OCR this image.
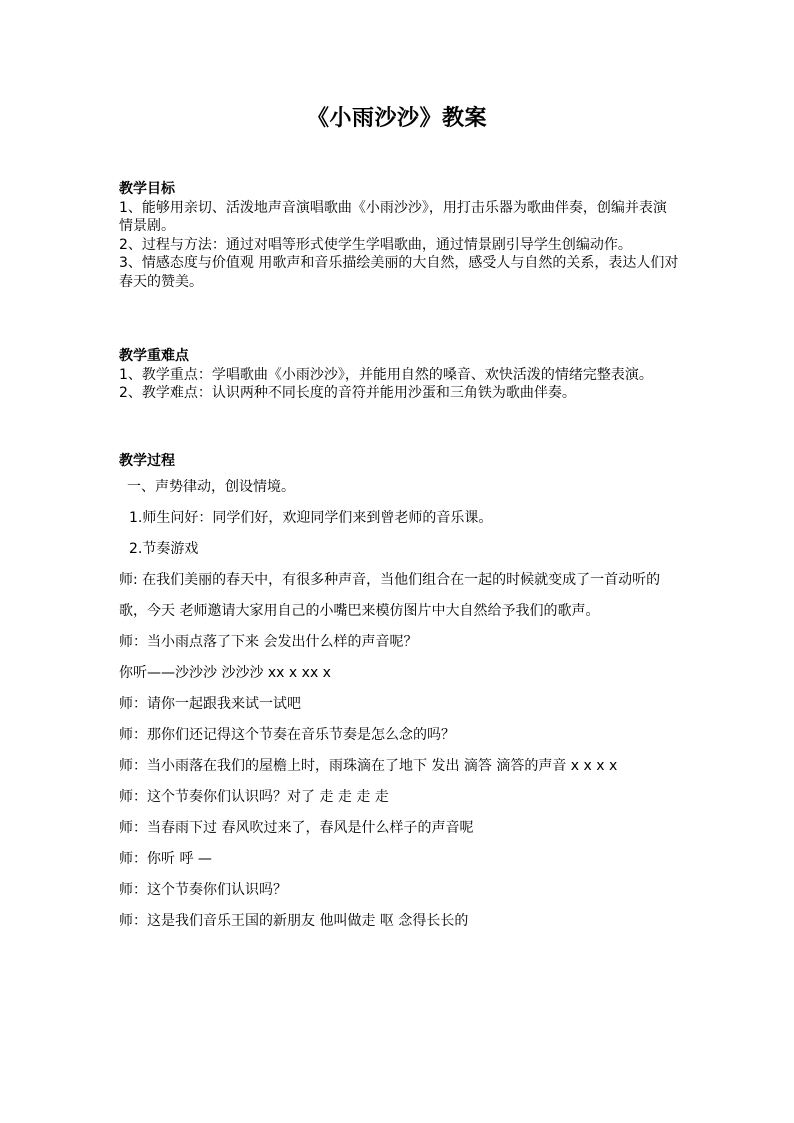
《小雨沙沙》教案
教学目标
1、能够用亲切、活泼地声音演唱歌曲《小雨沙沙》，用打击乐器为歌曲伴奏，创编并表演情景剧。
2、过程与方法：通过对唱等形式使学生学唱歌曲，通过情景剧引导学生创编动作。
3、情感态度与价值观 用歌声和音乐描绘美丽的大自然，感受人与自然的关系，表达人们对春天的赞美。
教学重难点
1、教学重点：学唱歌曲《小雨沙沙》，并能用自然的嗓音、欢快活泼的情绪完整表演。
2、教学难点：认识两种不同长度的音符并能用沙蛋和三角铁为歌曲伴奏。
教学过程
一、声势律动，创设情境。
1.师生问好：同学们好，欢迎同学们来到曾老师的音乐课。
2.节奏游戏
师: 在我们美丽的春天中，有很多种声音，当他们组合在一起的时候就变成了一首动听的歌，今天 老师邀请大家用自己的小嘴巴来模仿图片中大自然给予我们的歌声。
师：当小雨点落了下来 会发出什么样的声音呢？
你听——沙沙沙 沙沙沙 xx x xx x
师：请你一起跟我来试一试吧
师：那你们还记得这个节奏在音乐节奏是怎么念的吗？
师：当小雨落在我们的屋檐上时，雨珠滴在了地下 发出 滴答 滴答的声音 x x x x
师：这个节奏你们认识吗？对了 走 走 走 走
师：当春雨下过 春风吹过来了，春风是什么样子的声音呢
师：你听 呼 —
师：这个节奏你们认识吗？
师：这是我们音乐王国的新朋友 他叫做走 呕 念得长长的
